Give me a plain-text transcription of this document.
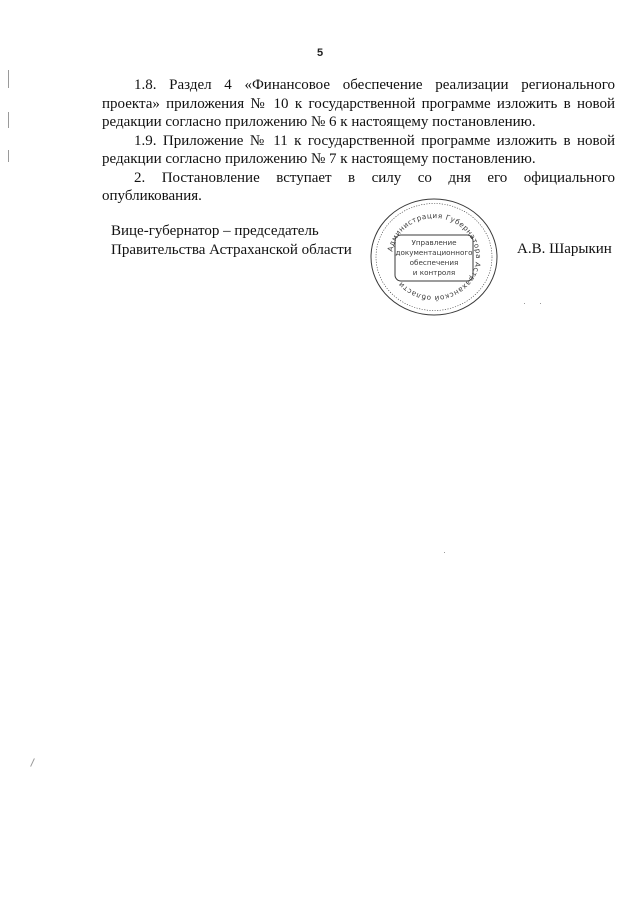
5

1.8. Раздел 4 «Финансовое обеспечение реализации регионального проекта» приложения № 10 к государственной программе изложить в новой редакции согласно приложению № 6 к настоящему постановлению.

1.9. Приложение № 11 к государственной программе изложить в новой редакции согласно приложению № 7 к настоящему постановлению.

2. Постановление вступает в силу со дня его официального опубликования.

Вице-губернатор – председатель
Правительства Астраханской области	А.В. Шарыкин
Администрация Губернатора Астраханской области
Управление
документационного
обеспечения
и контроля
